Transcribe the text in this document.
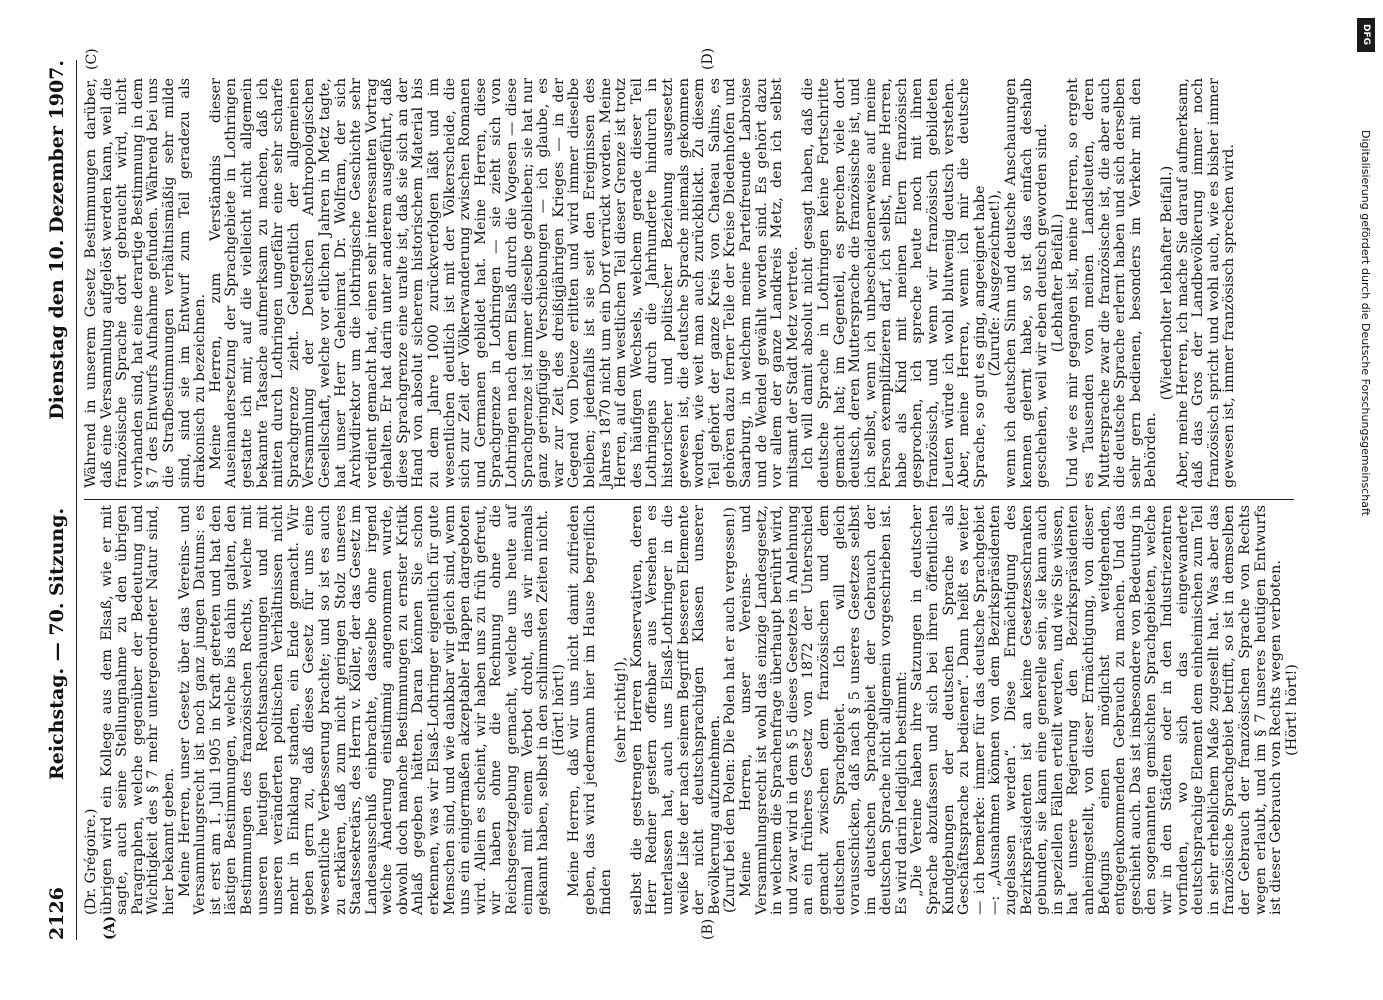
2126
Reichstag. — 70. Sitzung.
Dienstag den 10. Dezember 1907.
(A)	(B)
(C)	(D)

(Dr. Grégoire.) übrigen wird ein Kollege aus dem Elsaß, wie er mit sagte, auch seine Stellungnahme zu den übrigen Paragraphen, welche gegenüber der Bedeutung und Wichtigkeit des § 7 mehr untergeordneter Natur sind, hier bekannt geben. Meine Herren, unser Gesetz über das Vereins- und Versammlungsrecht ist noch ganz jungen Datums: es ist erst am 1. Juli 1905 in Kraft getreten und hat den lästigen Bestimmungen, welche bis dahin galten, den Bestimmungen des französischen Rechts, welche mit unseren heutigen Rechtsanschauungen und mit unseren veränderten politischen Verhältnissen nicht mehr in Einklang standen, ein Ende gemacht. Wir geben gern zu, daß dieses Gesetz für uns eine wesentliche Verbesserung brachte; und so ist es auch zu erklären, daß zum nicht geringen Stolz unseres Staatssekretärs, des Herrn v. Köller, der das Gesetz im Landesausschuß einbrachte, dasselbe ohne irgend welche Änderung einstimmig angenommen wurde, obwohl doch manche Bestimmungen zu ernster Kritik Anlaß gegeben hätten. Daran können Sie schon erkennen, was wir Elsaß-Lothringer eigentlich für gute Menschen sind, und wie dankbar wir gleich sind, wenn uns ein einigermaßen akzeptabler Happen dargeboten wird. Allein es scheint, wir haben uns zu früh gefreut, wir haben ohne die Rechnung ohne die Reichsgesetzgebung gemacht, welche uns heute auf einmal mit einem Verbot droht, das wir niemals gekannt haben, selbst in den schlimmsten Zeiten nicht. (Hört! hört!) Meine Herren, daß wir uns nicht damit zufrieden geben, das wird jedermann hier im Hause begreiflich finden

(sehr richtig!), selbst die gestrengen Herren Konservativen, deren Herr Redner gestern offenbar aus Versehen es unterlassen hat, auch uns Elsaß-Lothringer in die weiße Liste der nach seinem Begriff besseren Elemente der nicht deutschsprachigen Klassen unserer Bevölkerung aufzunehmen. (Zuruf bei den Polen: Die Polen hat er auch vergessen!) Meine Herren, unser Vereins- und Versammlungsrecht ist wohl das einzige Landesgesetz, in welchem die Sprachenfrage überhaupt berührt wird, und zwar wird in dem § 5 dieses Gesetzes in Anlehnung an ein früheres Gesetz von 1872 der Unterschied gemacht zwischen dem französischen und dem deutschen Sprachgebiet. Ich will gleich vorausschicken, daß nach § 5 unseres Gesetzes selbst im deutschen Sprachgebiet der Gebrauch der deutschen Sprache nicht allgemein vorgeschrieben ist. Es wird darin lediglich bestimmt: „Die Vereine haben ihre Satzungen in deutscher Sprache abzufassen und sich bei ihren öffentlichen Kundgebungen der deutschen Sprache als Geschäftssprache zu bedienen“. Dann heißt es weiter — ich bemerke: immer für das deutsche Sprachgebiet —: „Ausnahmen können von dem Bezirkspräsidenten zugelassen werden“. Diese Ermächtigung des Bezirkspräsidenten ist an keine Gesetzesschranken gebunden, sie kann eine generelle sein, sie kann auch in speziellen Fällen erteilt werden, und wie Sie wissen, hat unsere Regierung den Bezirkspräsidenten anheimgestellt, von dieser Ermächtigung, von dieser Befugnis einen möglichst weitgehenden, entgegenkommenden Gebrauch zu machen. Und das geschieht auch. Das ist insbesondere von Bedeutung in den sogenannten gemischten Sprachgebieten, welche wir in den Städten oder in den Industriezentren vorfinden, wo sich das eingewanderte deutschsprachige Element dem einheimischen zum Teil in sehr erheblichem Maße zugesellt hat. Was aber das französische Sprachgebiet betrifft, so ist in demselben der Gebrauch der französischen Sprache von Rechts wegen erlaubt, und im § 7 unseres heutigen Entwurfs ist dieser Gebrauch von Rechts wegen verboten. (Hört! hört!)

Während in unserem Gesetz Bestimmungen darüber, daß eine Versammlung aufgelöst werden kann, weil die französische Sprache dort gebraucht wird, nicht vorhanden sind, hat eine derartige Bestimmung in dem § 7 des Entwurfs Aufnahme gefunden. Während bei uns die Strafbestimmungen verhältnismäßig sehr milde sind, sind sie im Entwurf zum Teil geradezu als drakonisch zu bezeichnen. Meine Herren, zum Verständnis dieser Auseinandersetzung der Sprachgebiete in Lothringen gestatte ich mir, auf die vielleicht nicht allgemein bekannte Tatsache aufmerksam zu machen, daß ich mitten durch Lothringen ungefähr eine sehr scharfe Sprachgrenze zieht. Gelegentlich der allgemeinen Versammlung der Deutschen Anthropologischen Gesellschaft, welche vor etlichen Jahren in Metz tagte, hat unser Herr Geheimrat Dr. Wolfram, der sich Archivdirektor um die lothringische Geschichte sehr verdient gemacht hat, einen sehr interessanten Vortrag gehalten. Er hat darin unter anderem ausgeführt, daß diese Sprachgrenze eine uralte ist, daß sie sich an der Hand von absolut sicherem historischem Material bis zu dem Jahre 1000 zurückverfolgen läßt und im wesentlichen deutlich ist mit der Völkerscheide, die sich zur Zeit der Völkerwanderung zwischen Romanen und Germanen gebildet hat. Meine Herren, diese Sprachgrenze in Lothringen — sie zieht sich von Lothringen nach dem Elsaß durch die Vogesen — diese Sprachgrenze ist immer dieselbe geblieben; sie hat nur ganz geringfügige Verschiebungen — ich glaube, es war zur Zeit des dreißigjährigen Krieges — in der Gegend von Dieuze erlitten und wird immer dieselbe bleiben; jedenfalls ist sie seit den Ereignissen des Jahres 1870 nicht um ein Dorf verrückt worden. Meine Herren, auf dem westlichen Teil dieser Grenze ist trotz des häufigen Wechsels, welchem gerade dieser Teil Lothringens durch die Jahrhunderte hindurch in historischer und politischer Beziehung ausgesetzt gewesen ist, die deutsche Sprache niemals gekommen worden, wie weit man auch zurückblickt. Zu diesem Teil gehört der ganze Kreis von Chateau Salins, es gehören dazu ferner Teile der Kreise Diedenhofen und Saarburg, in welchem meine Parteifreunde Labroise und de Wendel gewählt worden sind. Es gehört dazu vor allem der ganze Landkreis Metz, den ich selbst mitsamt der Stadt Metz vertrete. Ich will damit absolut nicht gesagt haben, daß die deutsche Sprache in Lothringen keine Fortschritte gemacht hat; im Gegenteil, es sprechen viele dort deutsch, deren Muttersprache die französische ist, und ich selbst, wenn ich unbescheidenerweise auf meine Person exemplifizieren darf, ich selbst, meine Herren, habe als Kind mit meinen Eltern französisch gesprochen, ich spreche heute noch mit ihnen französisch, und wenn wir französisch gebildeten Leuten würde ich wohl blutwenig deutsch verstehen. Aber, meine Herren, wenn ich mir die deutsche Sprache, so gut es ging, angeeignet habe (Zurufe: Ausgezeichnet!), wenn ich deutschen Sinn und deutsche Anschauungen kennen gelernt habe, so ist das einfach deshalb geschehen, weil wir eben deutsch geworden sind. (Lebhafter Beifall.) Und wie es mir gegangen ist, meine Herren, so ergeht es Tausenden von meinen Landsleuten, deren Muttersprache zwar die französische ist, die aber auch die deutsche Sprache erlernt haben und sich derselben sehr gern bedienen, besonders im Verkehr mit den Behörden.

(Wiederholter lebhafter Beifall.) Aber, meine Herren, ich mache Sie darauf aufmerksam, daß das Gros der Landbevölkerung immer noch französisch spricht und wohl auch, wie es bisher immer gewesen ist, immer französisch sprechen wird.

DFG
Digitalisierung gefördert durch die Deutsche Forschungsgemeinschaft
